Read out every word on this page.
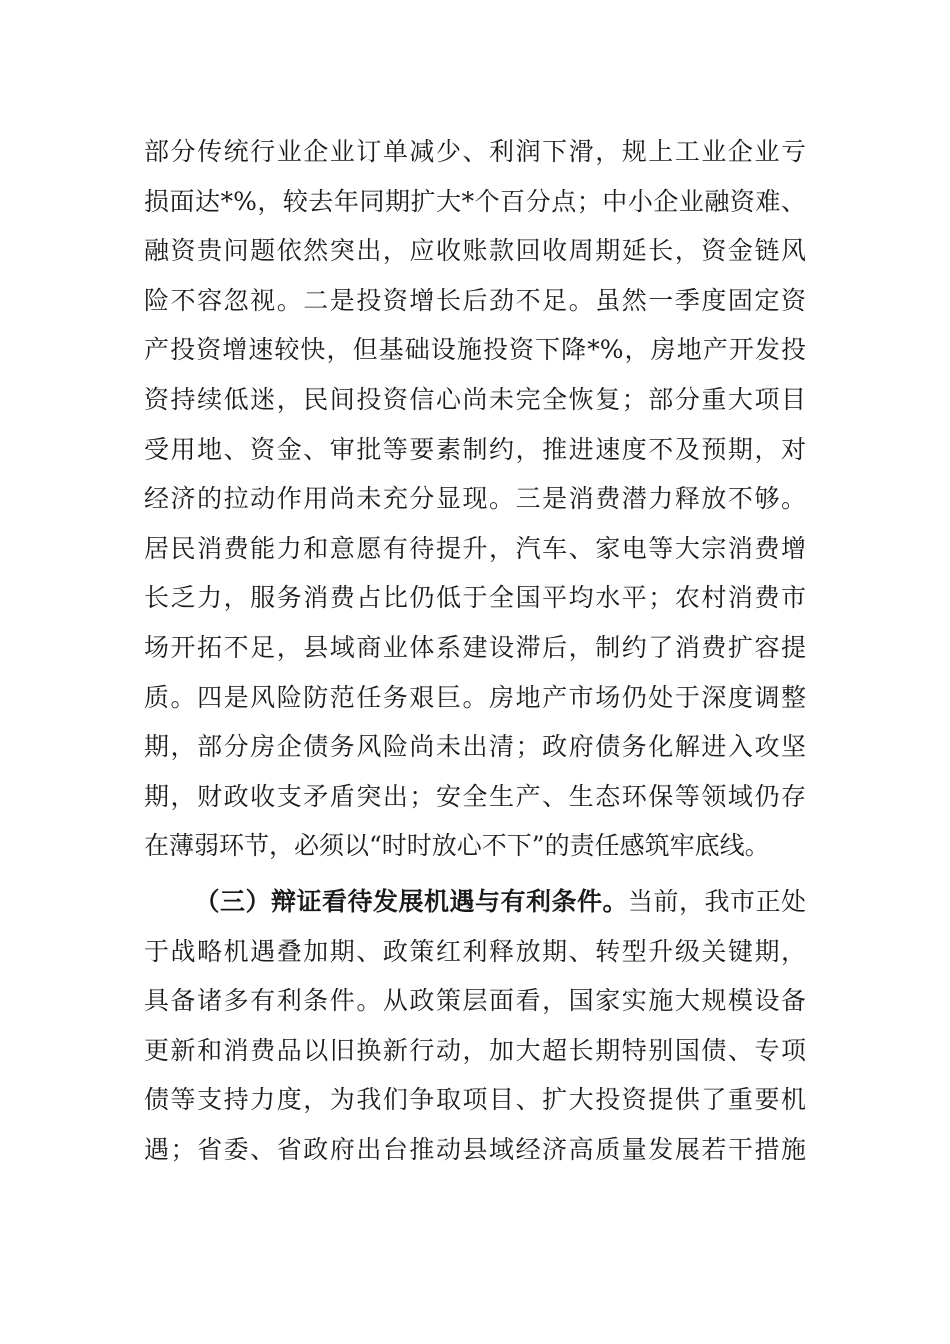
部分传统行业企业订单减少、利润下滑，规上工业企业亏
损面达*%，较去年同期扩大*个百分点；中小企业融资难、
融资贵问题依然突出，应收账款回收周期延长，资金链风
险不容忽视。二是投资增长后劲不足。虽然一季度固定资
产投资增速较快，但基础设施投资下降*%，房地产开发投
资持续低迷，民间投资信心尚未完全恢复；部分重大项目
受用地、资金、审批等要素制约，推进速度不及预期，对
经济的拉动作用尚未充分显现。三是消费潜力释放不够。
居民消费能力和意愿有待提升，汽车、家电等大宗消费增
长乏力，服务消费占比仍低于全国平均水平；农村消费市
场开拓不足，县域商业体系建设滞后，制约了消费扩容提
质。四是风险防范任务艰巨。房地产市场仍处于深度调整
期，部分房企债务风险尚未出清；政府债务化解进入攻坚
期，财政收支矛盾突出；安全生产、生态环保等领域仍存
在薄弱环节，必须以“时时放心不下”的责任感筑牢底线。
（三）辩证看待发展机遇与有利条件。当前，我市正处
于战略机遇叠加期、政策红利释放期、转型升级关键期，
具备诸多有利条件。从政策层面看，国家实施大规模设备
更新和消费品以旧换新行动，加大超长期特别国债、专项
债等支持力度，为我们争取项目、扩大投资提供了重要机
遇；省委、省政府出台推动县域经济高质量发展若干措施
